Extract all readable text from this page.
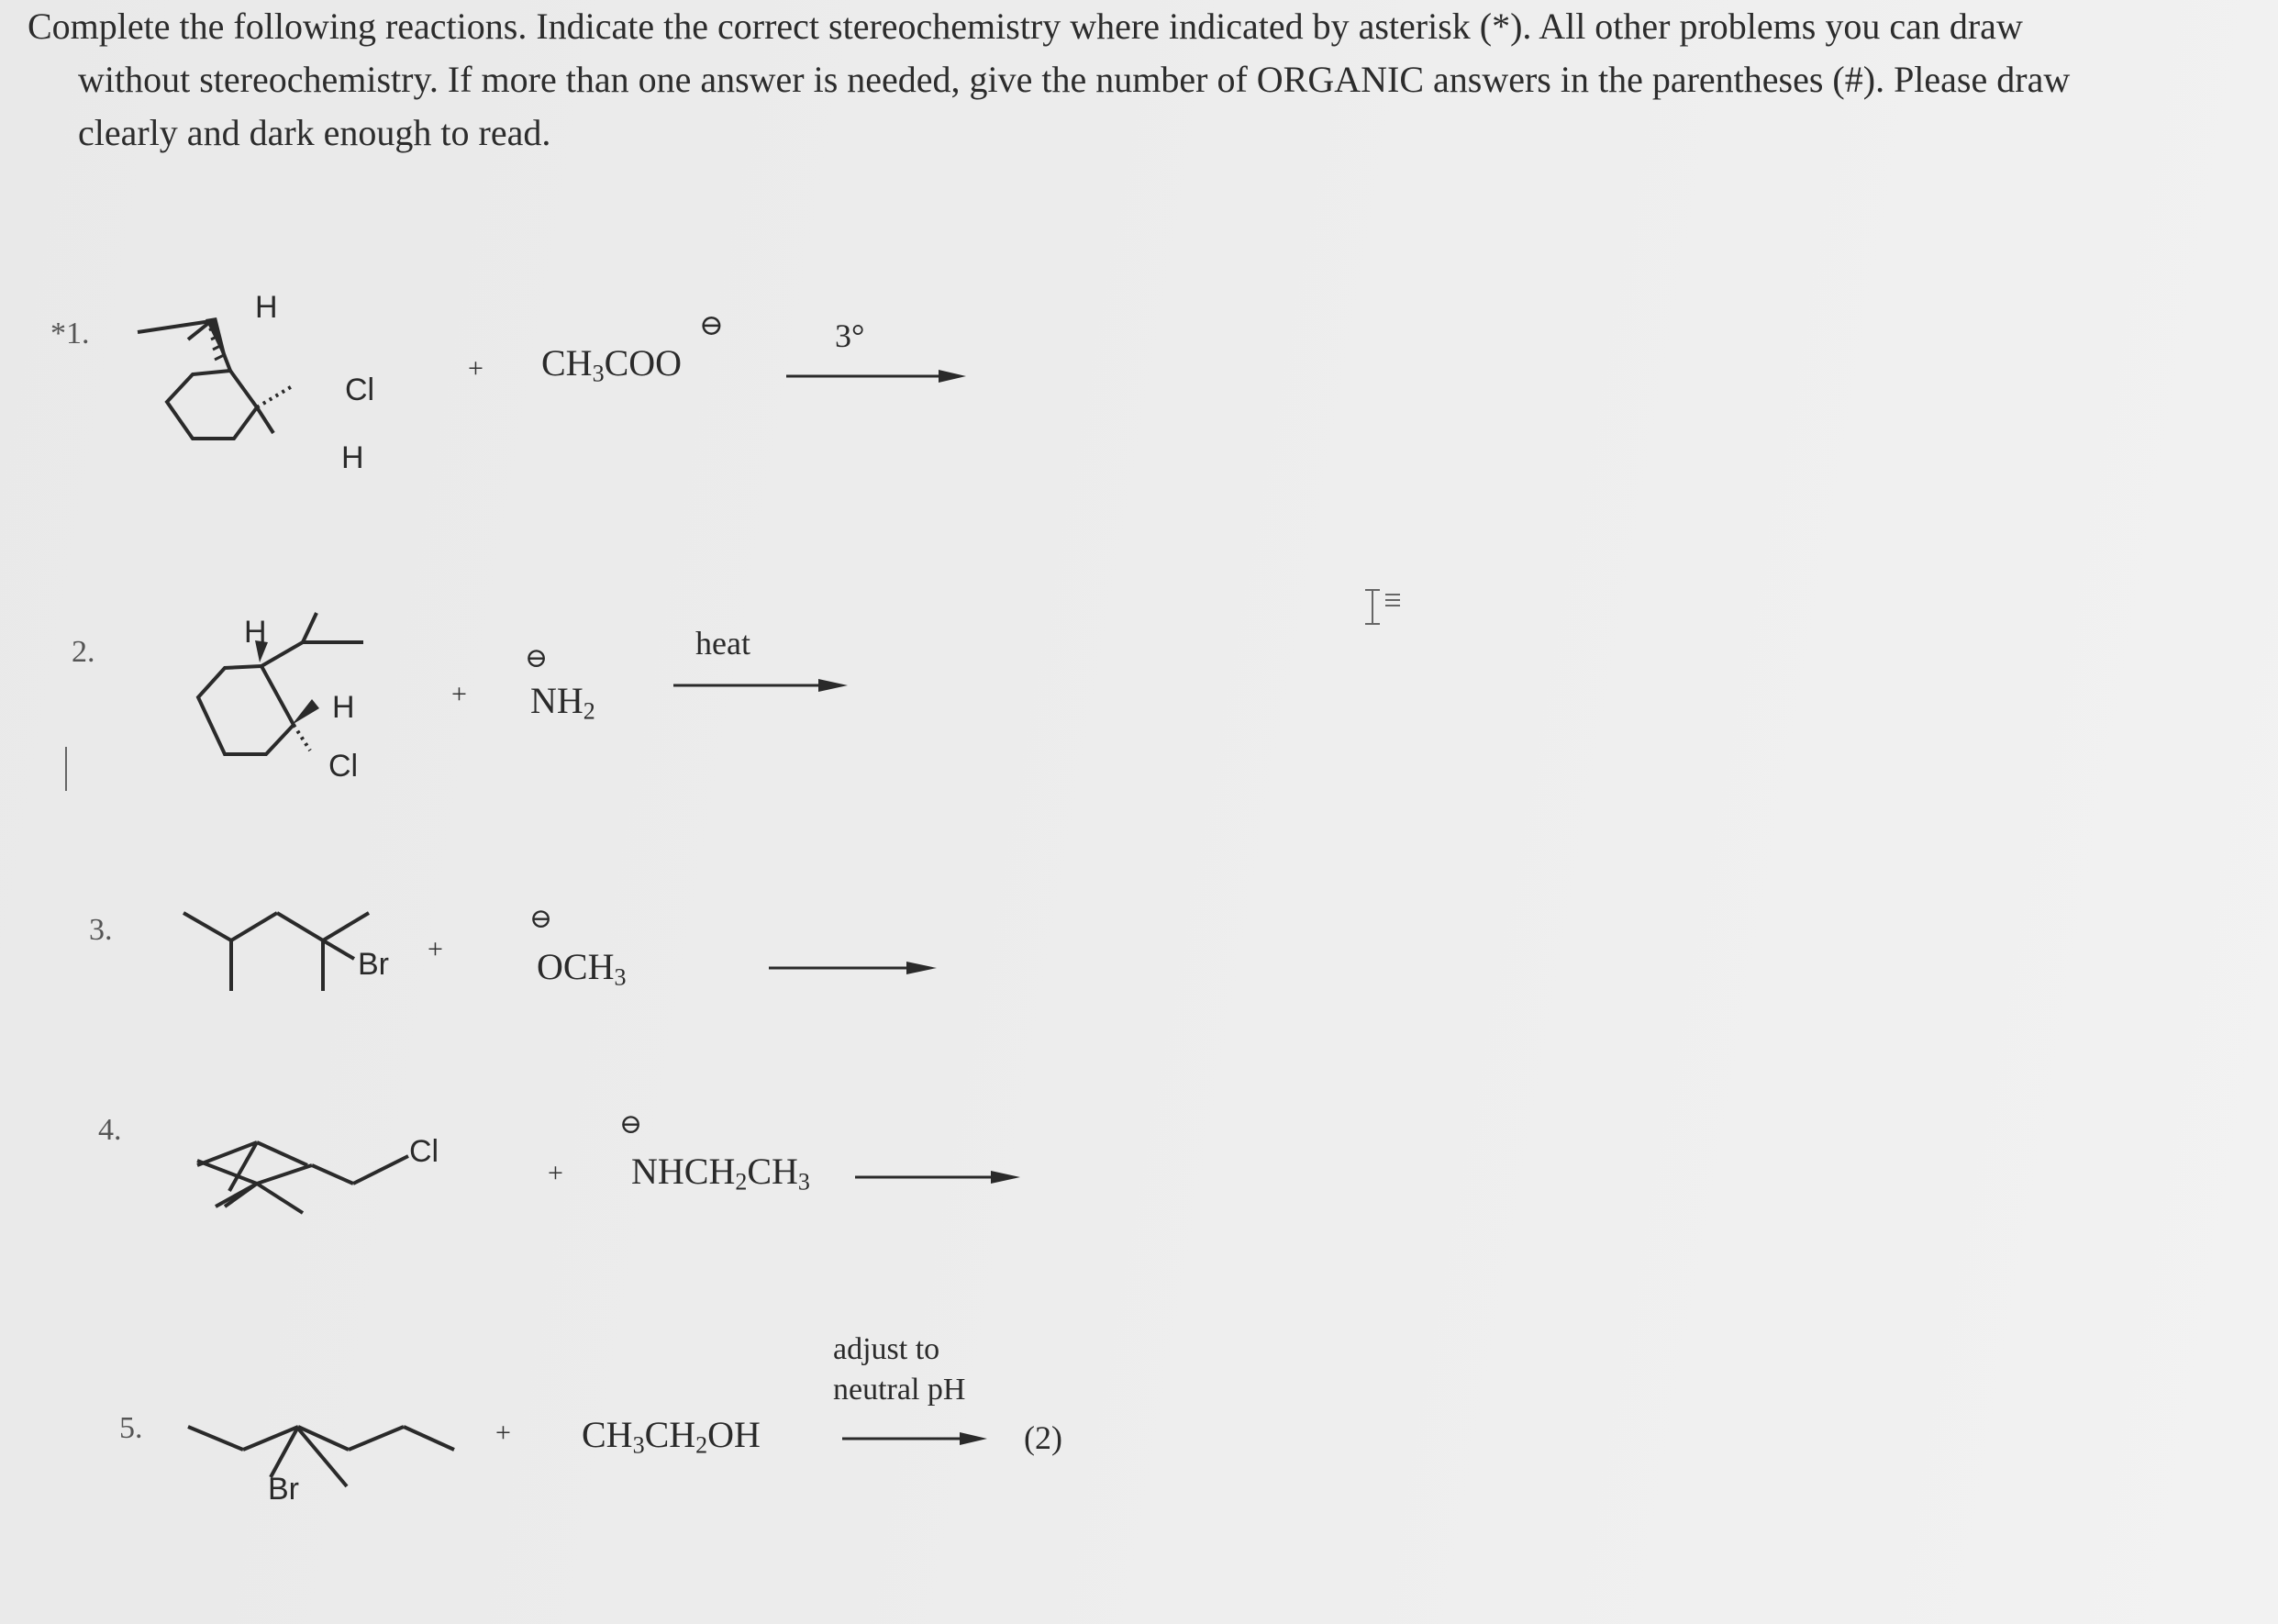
Complete the following reactions. Indicate the correct stereochemistry where indicated by asterisk (*). All other problems you can draw
without stereochemistry. If more than one answer is needed, give the number of ORGANIC answers in the parentheses (#). Please draw
clearly and dark enough to read.
*1.
H
Cl
H
+ $CH_3COO$
⊖	3°
2.
H
H
Cl
+
⊖
$NH_2$
heat
3.
Br +
⊖
$OCH_3$
4.
Cl
+
⊖
$NHCH_2CH_3$
5.
Br
+ $CH_3CH_2OH$
adjust to
neutral pH
(2)
